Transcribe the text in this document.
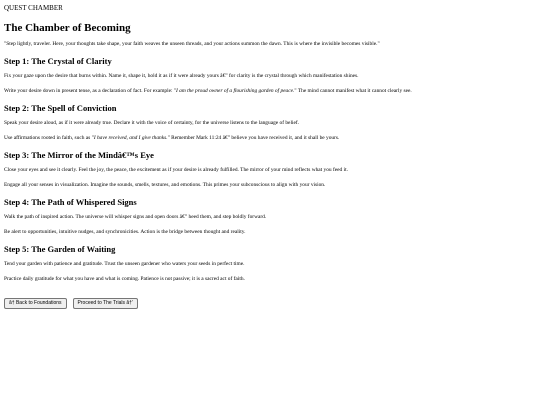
QUEST CHAMBER
The Chamber of Becoming

"Step lightly, traveler. Here, your thoughts take shape, your faith weaves the unseen threads, and your actions summon the dawn. This is where the invisible becomes visible."

Step 1: The Crystal of Clarity

Fix your gaze upon the desire that burns within. Name it, shape it, hold it as if it were already yours â€” for clarity is the crystal through which manifestation shines.

Write your desire down in present tense, as a declaration of fact. For example: "I am the proud owner of a flourishing garden of peace." The mind cannot manifest what it cannot clearly see.

Step 2: The Spell of Conviction

Speak your desire aloud, as if it were already true. Declare it with the voice of certainty, for the universe listens to the language of belief.

Use affirmations rooted in faith, such as "I have received, and I give thanks." Remember Mark 11:24 â€” believe you have received it, and it shall be yours.

Step 3: The Mirror of the Mindâ€™s Eye

Close your eyes and see it clearly. Feel the joy, the peace, the excitement as if your desire is already fulfilled. The mirror of your mind reflects what you feed it.

Engage all your senses in visualization. Imagine the sounds, smells, textures, and emotions. This primes your subconscious to align with your vision.

Step 4: The Path of Whispered Signs

Walk the path of inspired action. The universe will whisper signs and open doors â€” heed them, and step boldly forward.

Be alert to opportunities, intuitive nudges, and synchronicities. Action is the bridge between thought and reality.

Step 5: The Garden of Waiting

Tend your garden with patience and gratitude. Trust the unseen gardener who waters your seeds in perfect time.

Practice daily gratitude for what you have and what is coming. Patience is not passive; it is a sacred act of faith.

â† Back to Foundations	Proceed to The Trials â†’
